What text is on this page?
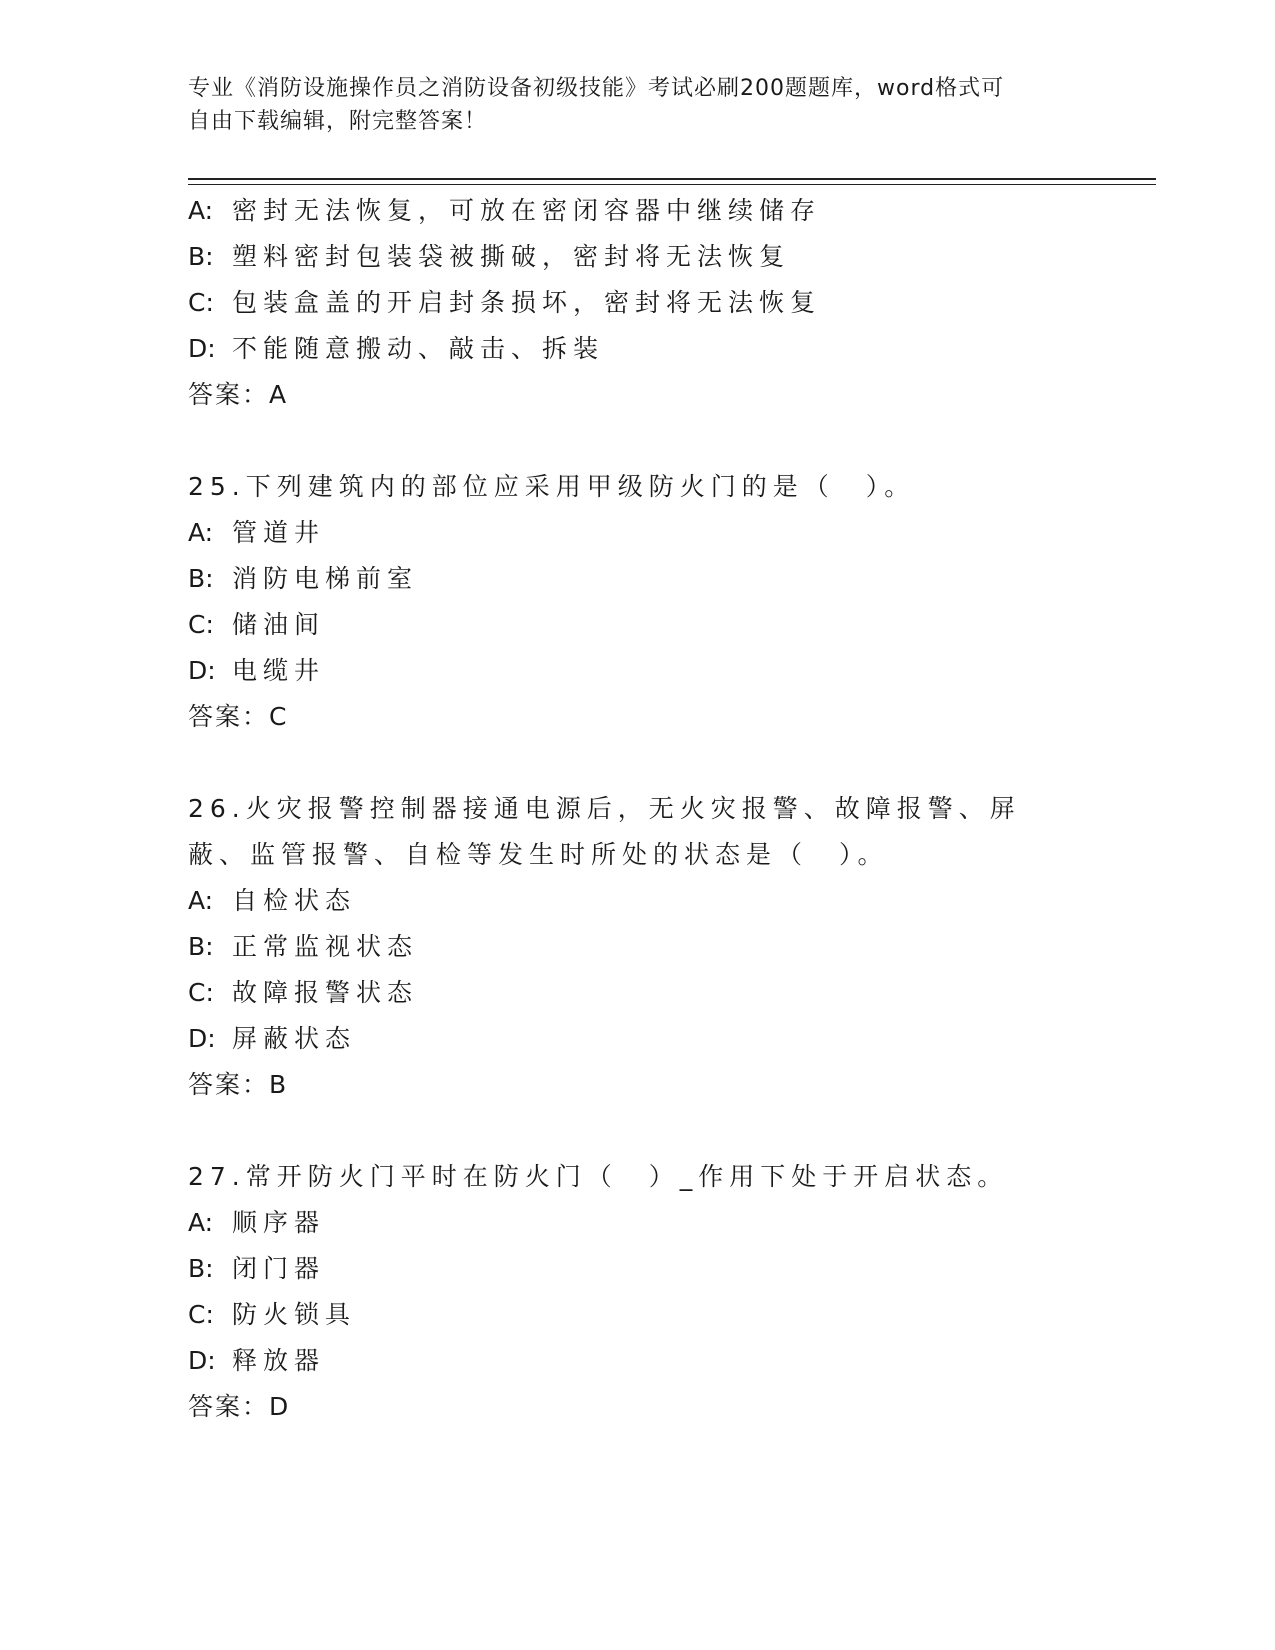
专业《消防设施操作员之消防设备初级技能》考试必刷200题题库，word格式可
自由下载编辑，附完整答案！
A: 密封无法恢复，可放在密闭容器中继续储存
B: 塑料密封包装袋被撕破，密封将无法恢复
C: 包装盒盖的开启封条损坏，密封将无法恢复
D: 不能随意搬动、敲击、拆装
答案：A
25.下列建筑内的部位应采用甲级防火门的是（　）。
A: 管道井
B: 消防电梯前室
C: 储油间
D: 电缆井
答案：C
26.火灾报警控制器接通电源后，无火灾报警、故障报警、屏蔽、监管报警、自检等发生时所处的状态是（　）。
A: 自检状态
B: 正常监视状态
C: 故障报警状态
D: 屏蔽状态
答案：B
27.常开防火门平时在防火门（　）_作用下处于开启状态。
A: 顺序器
B: 闭门器
C: 防火锁具
D: 释放器
答案：D
